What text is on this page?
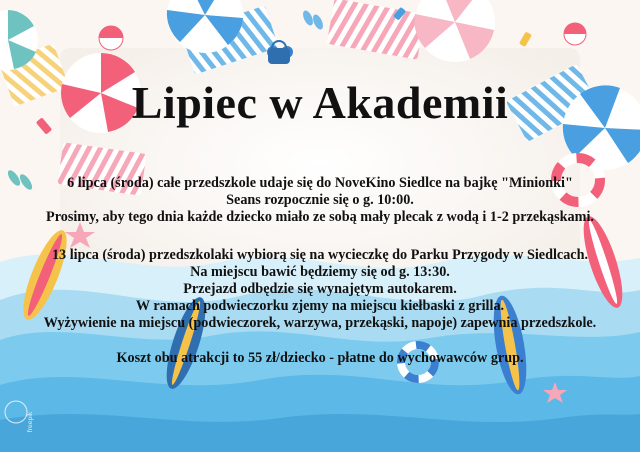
Lipiec w Akademii
6 lipca (środa) całe przedszkole udaje się do NoveKino Siedlce na bajkę "Minionki"
Seans rozpocznie się o g. 10:00.
Prosimy, aby tego dnia każde dziecko miało ze sobą mały plecak z wodą i 1-2 przekąskami.
13 lipca (środa) przedszkolaki wybiorą się na wycieczkę do Parku Przygody w Siedlcach.
Na miejscu bawić będziemy się od g. 13:30.
Przejazd odbędzie się wynajętym autokarem.
W ramach podwieczorku zjemy na miejscu kiełbaski z grilla.
Wyżywienie na miejscu (podwieczorek, warzywa, przekąski, napoje) zapewnia przedszkole.
Koszt obu atrakcji to 55 zł/dziecko - płatne do wychowawców grup.
freepik
